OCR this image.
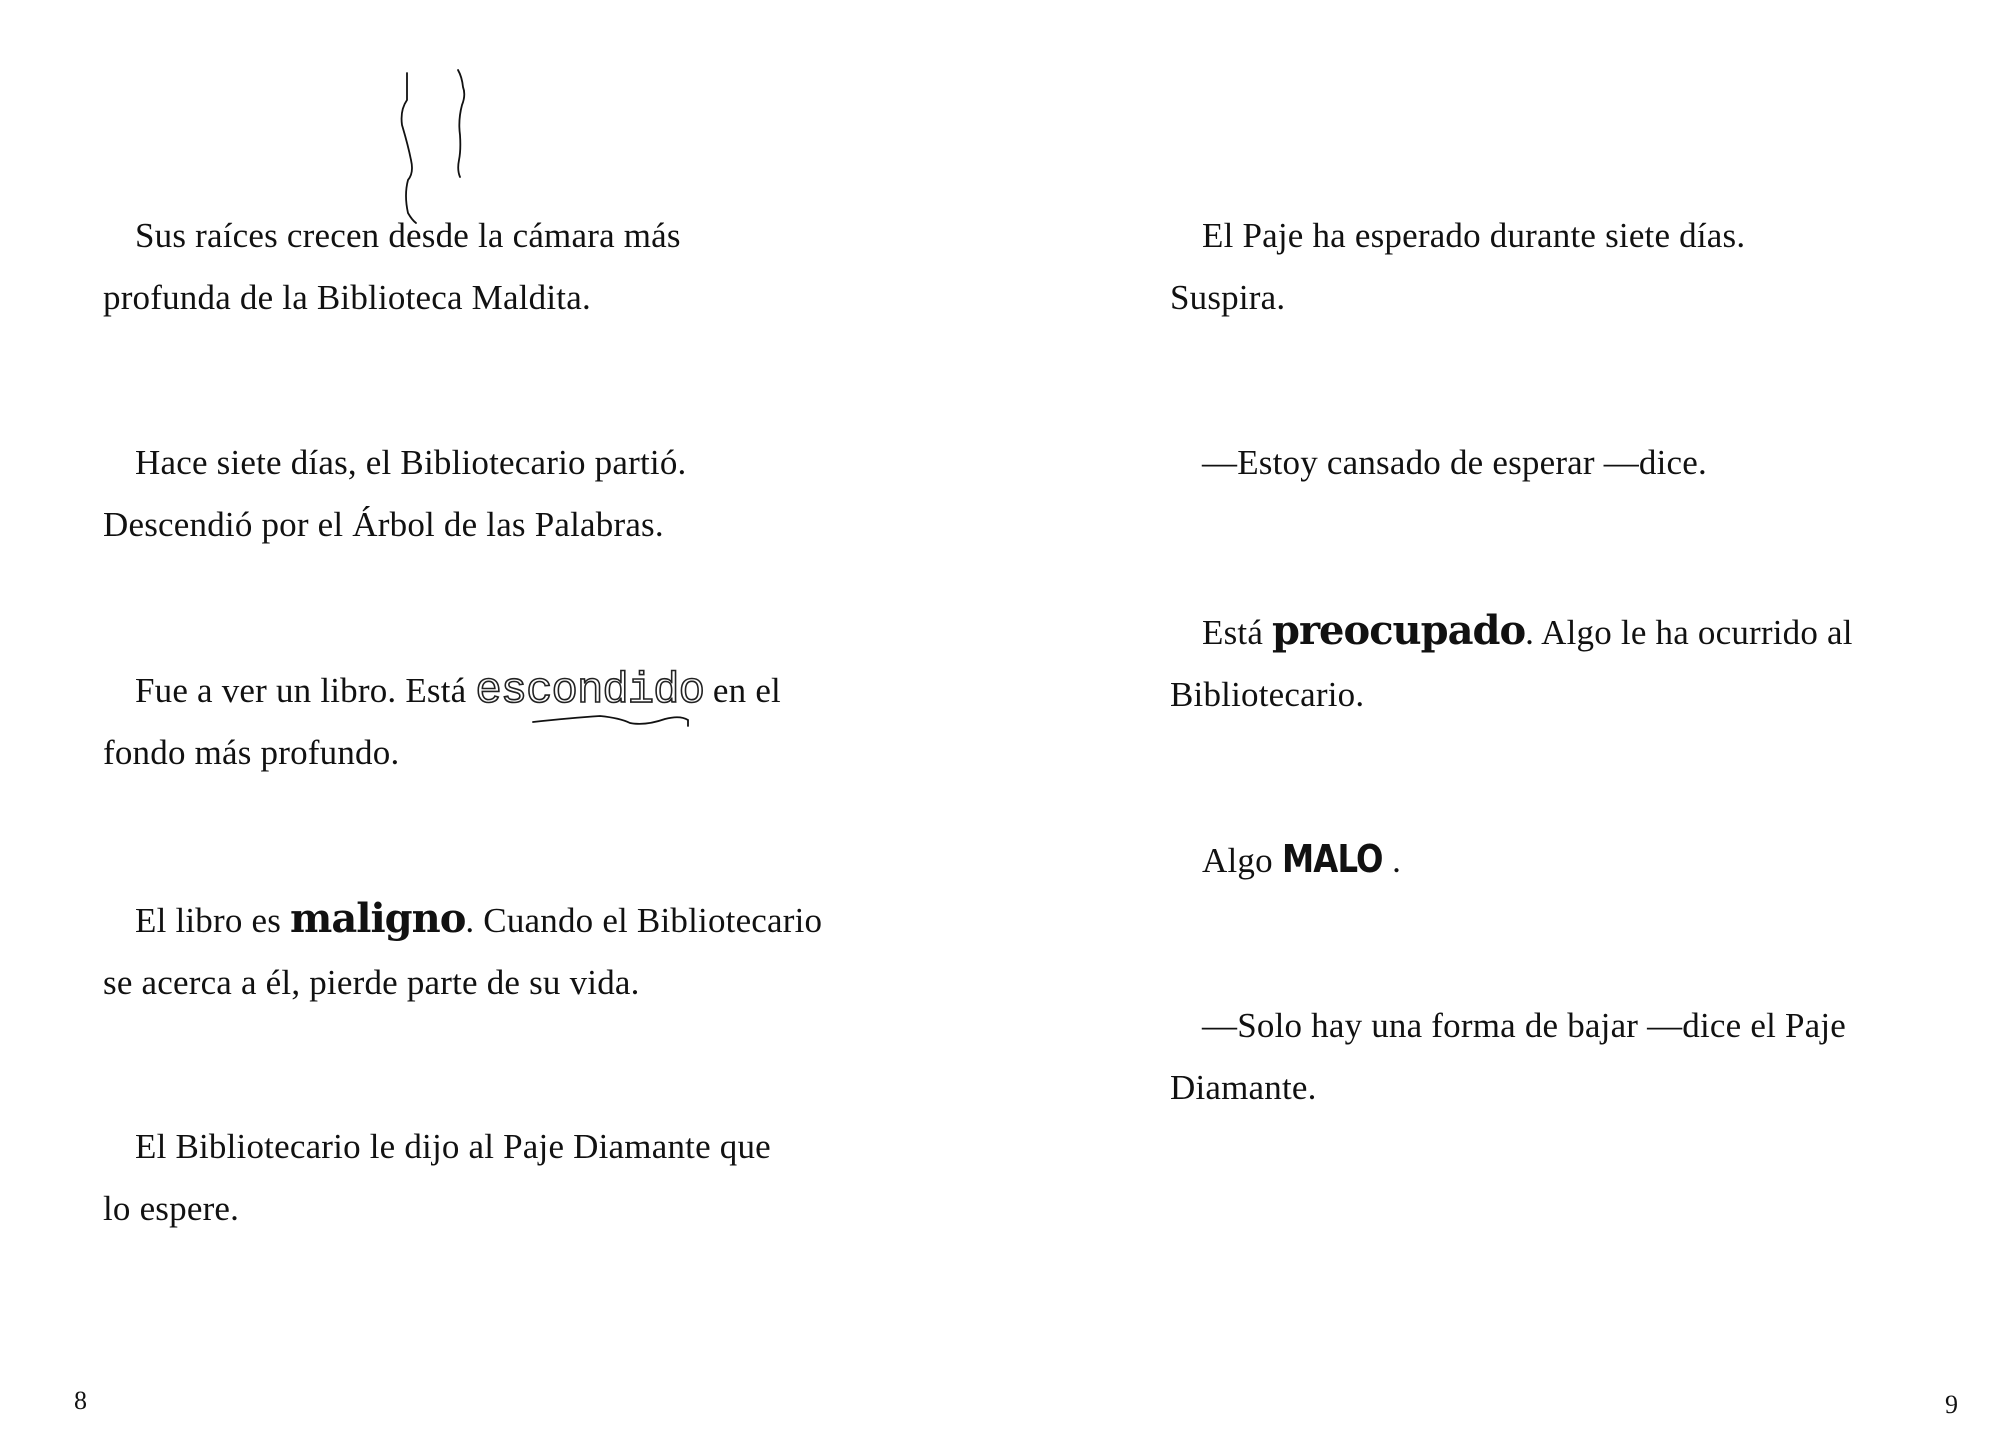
Sus raíces crecen desde la cámara más
profunda de la Biblioteca Maldita.
Hace siete días, el Bibliotecario partió.
Descendió por el Árbol de las Palabras.
Fue a ver un libro. Está escondido en el
fondo más profundo.
El libro es maligno. Cuando el Bibliotecario
se acerca a él, pierde parte de su vida.
El Bibliotecario le dijo al Paje Diamante que
lo espere.
8
El Paje ha esperado durante siete días.
Suspira.
—Estoy cansado de esperar —dice.
Está preocupado. Algo le ha ocurrido al
Bibliotecario.
Algo MALO .
—Solo hay una forma de bajar —dice el Paje
Diamante.
9
